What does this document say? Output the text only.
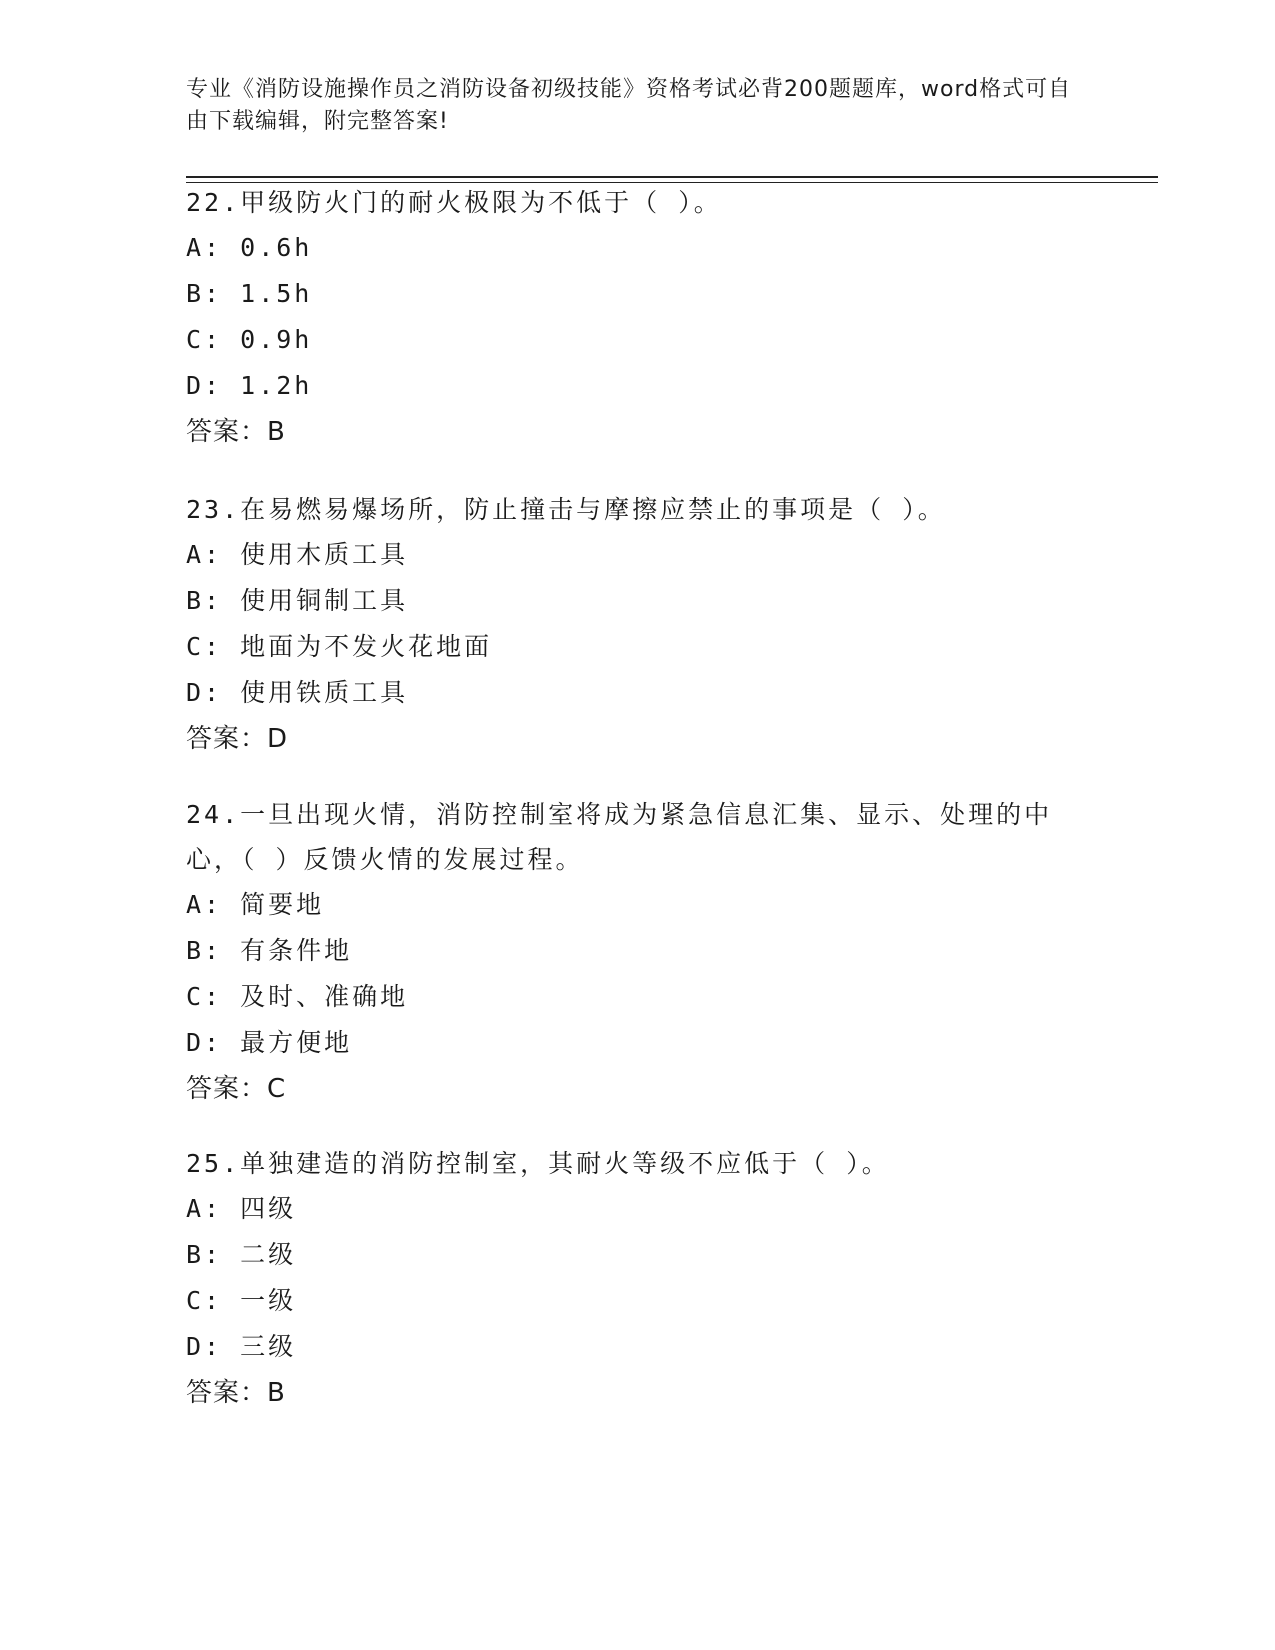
专业《消防设施操作员之消防设备初级技能》资格考试必背200题题库，word格式可自由下载编辑，附完整答案!

22.甲级防火门的耐火极限为不低于（ ）。

A: 0.6h

B: 1.5h

C: 0.9h

D: 1.2h

答案：B

23.在易燃易爆场所，防止撞击与摩擦应禁止的事项是（ ）。

A: 使用木质工具

B: 使用铜制工具

C: 地面为不发火花地面

D: 使用铁质工具

答案：D

24.一旦出现火情，消防控制室将成为紧急信息汇集、显示、处理的中心，（ ）反馈火情的发展过程。

A: 简要地

B: 有条件地

C: 及时、准确地

D: 最方便地

答案：C

25.单独建造的消防控制室，其耐火等级不应低于（ ）。

A: 四级

B: 二级

C: 一级

D: 三级

答案：B
